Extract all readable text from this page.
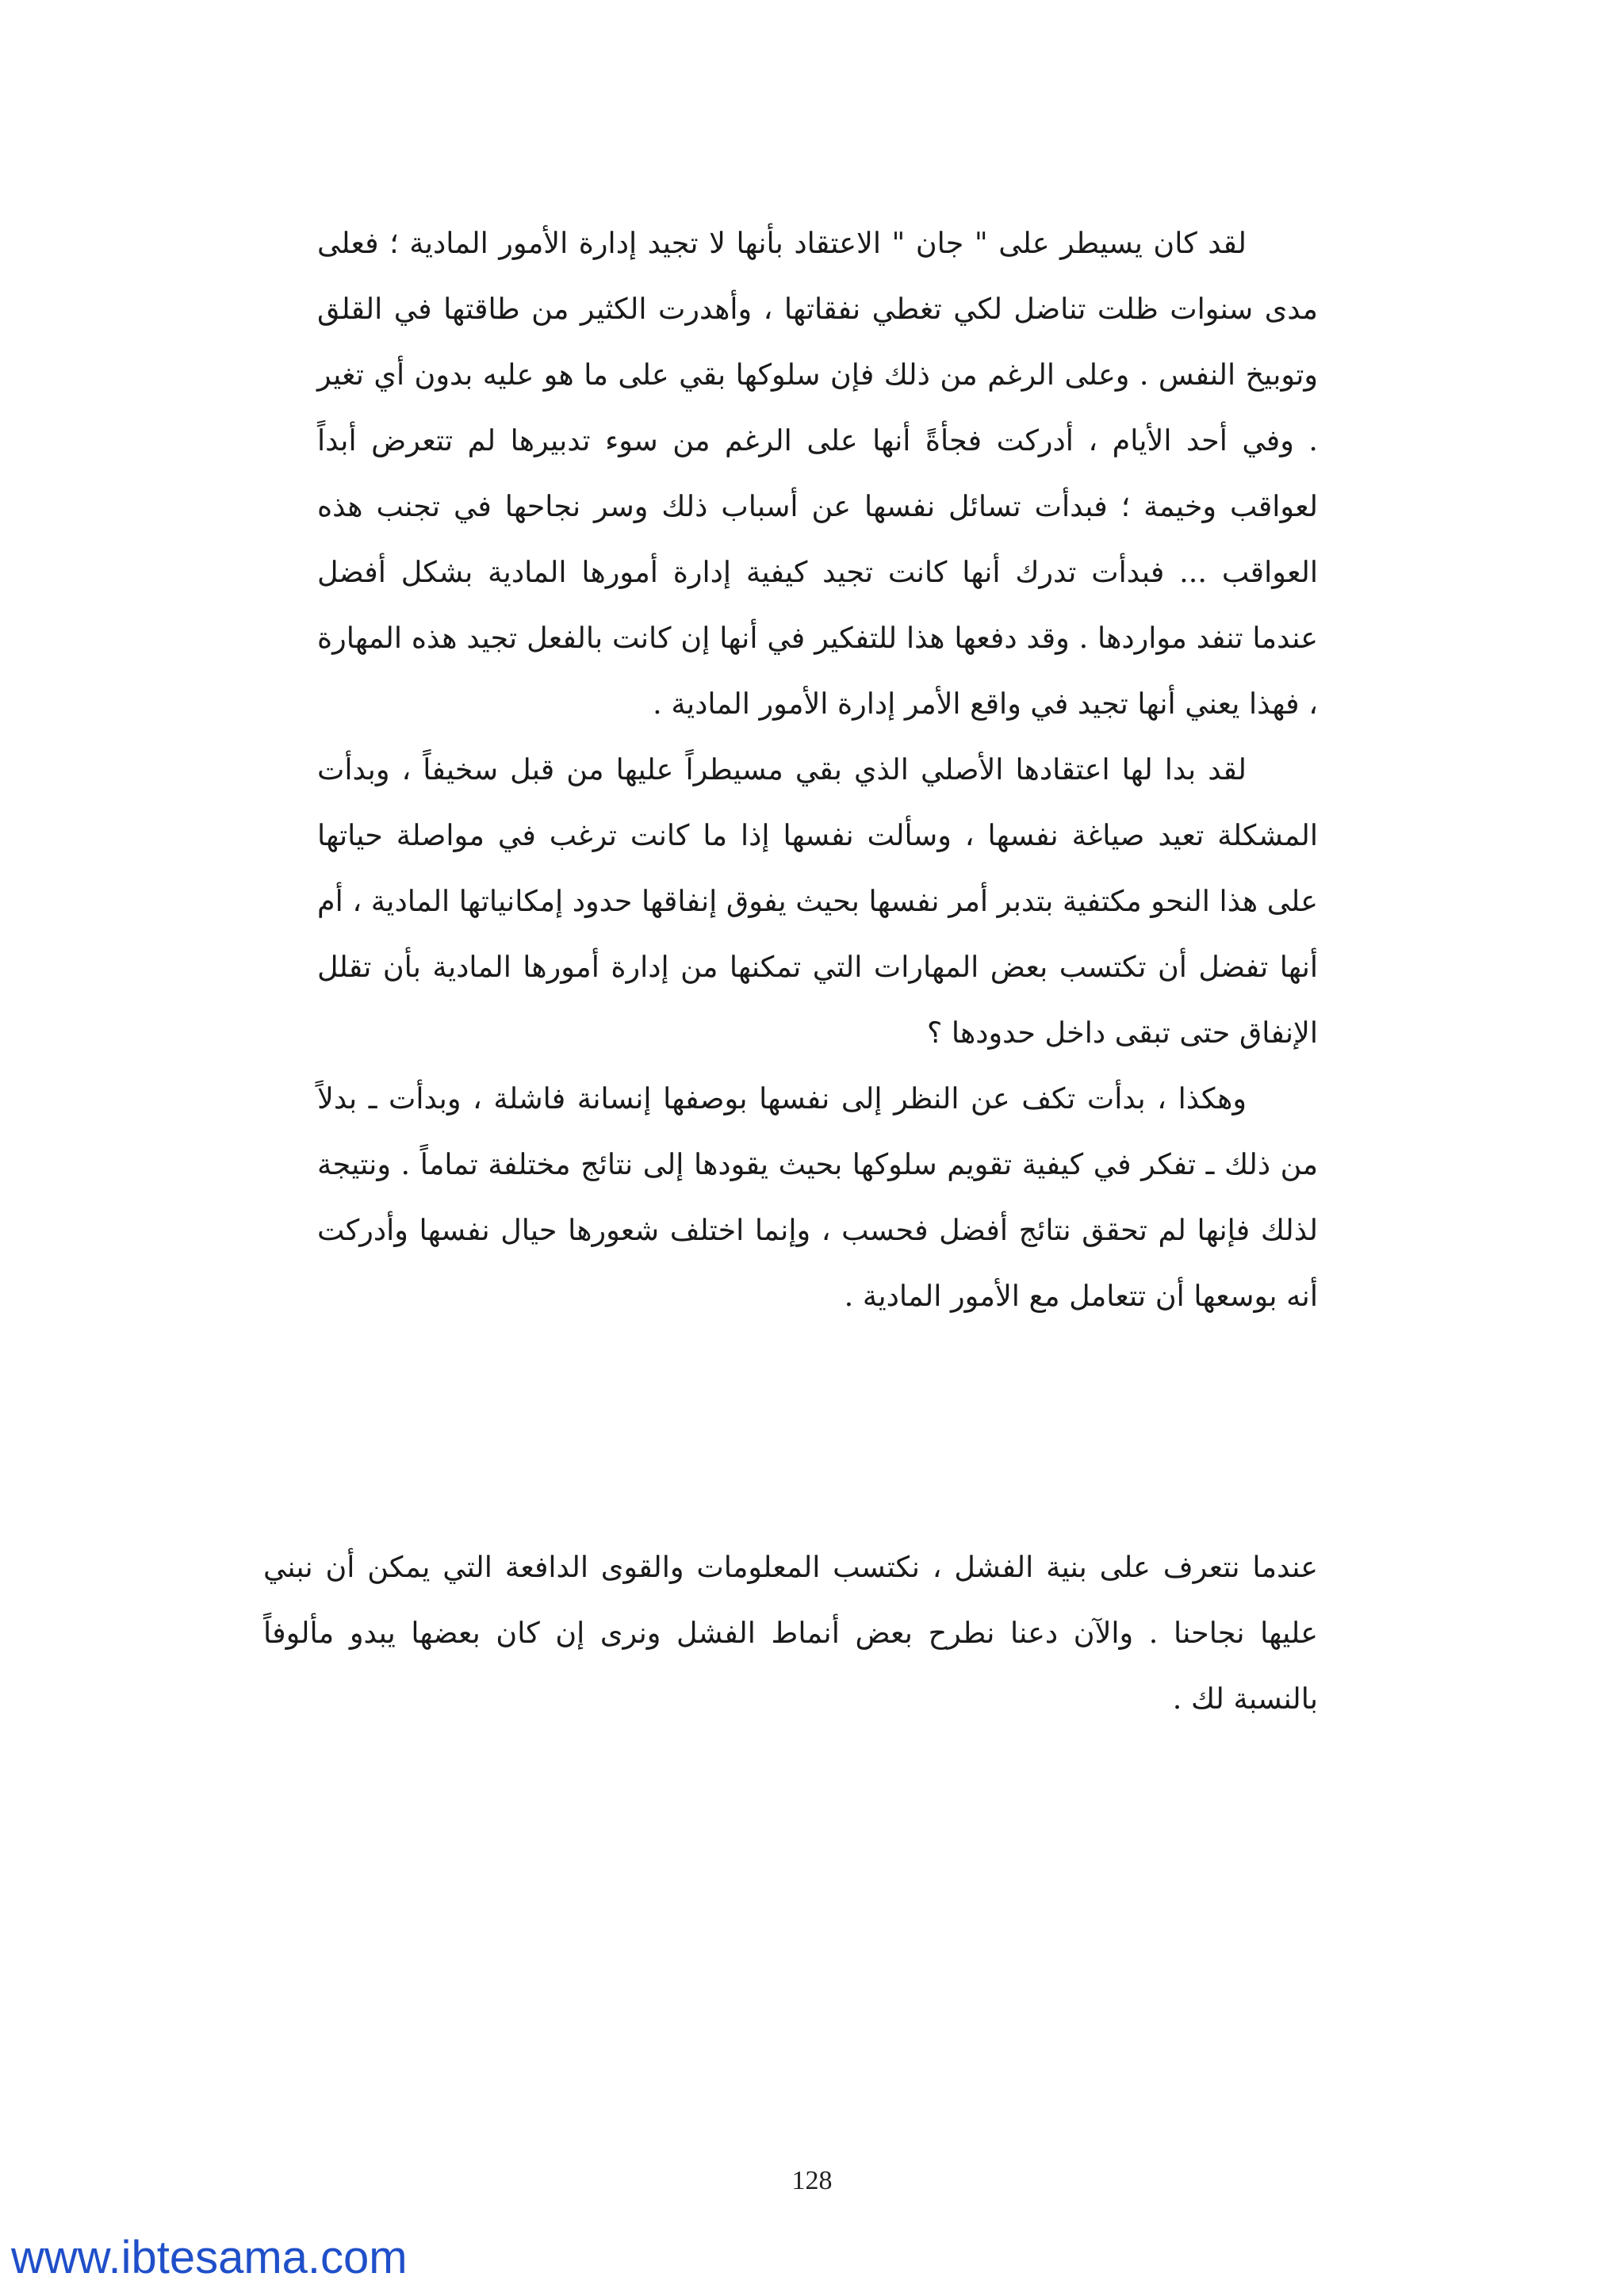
لقد كان يسيطر على " جان " الاعتقاد بأنها لا تجيد إدارة الأمور المادية ؛ فعلى مدى سنوات ظلت تناضل لكي تغطي نفقاتها ، وأهدرت الكثير من طاقتها في القلق وتوبيخ النفس . وعلى الرغم من ذلك فإن سلوكها بقي على ما هو عليه بدون أي تغير . وفي أحد الأيام ، أدركت فجأةً أنها على الرغم من سوء تدبيرها لم تتعرض أبداً لعواقب وخيمة ؛ فبدأت تسائل نفسها عن أسباب ذلك وسر نجاحها في تجنب هذه العواقب ... فبدأت تدرك أنها كانت تجيد كيفية إدارة أمورها المادية بشكل أفضل عندما تنفد مواردها . وقد دفعها هذا للتفكير في أنها إن كانت بالفعل تجيد هذه المهارة ، فهذا يعني أنها تجيد في واقع الأمر إدارة الأمور المادية .

لقد بدا لها اعتقادها الأصلي الذي بقي مسيطراً عليها من قبل سخيفاً ، وبدأت المشكلة تعيد صياغة نفسها ، وسألت نفسها إذا ما كانت ترغب في مواصلة حياتها على هذا النحو مكتفية بتدبر أمر نفسها بحيث يفوق إنفاقها حدود إمكانياتها المادية ، أم أنها تفضل أن تكتسب بعض المهارات التي تمكنها من إدارة أمورها المادية بأن تقلل الإنفاق حتى تبقى داخل حدودها ؟

وهكذا ، بدأت تكف عن النظر إلى نفسها بوصفها إنسانة فاشلة ، وبدأت ـ بدلاً من ذلك ـ تفكر في كيفية تقويم سلوكها بحيث يقودها إلى نتائج مختلفة تماماً . ونتيجة لذلك فإنها لم تحقق نتائج أفضل فحسب ، وإنما اختلف شعورها حيال نفسها وأدركت أنه بوسعها أن تتعامل مع الأمور المادية .

عندما نتعرف على بنية الفشل ، نكتسب المعلومات والقوى الدافعة التي يمكن أن نبني عليها نجاحنا . والآن دعنا نطرح بعض أنماط الفشل ونرى إن كان بعضها يبدو مألوفاً بالنسبة لك .

128
www.ibtesama.com
